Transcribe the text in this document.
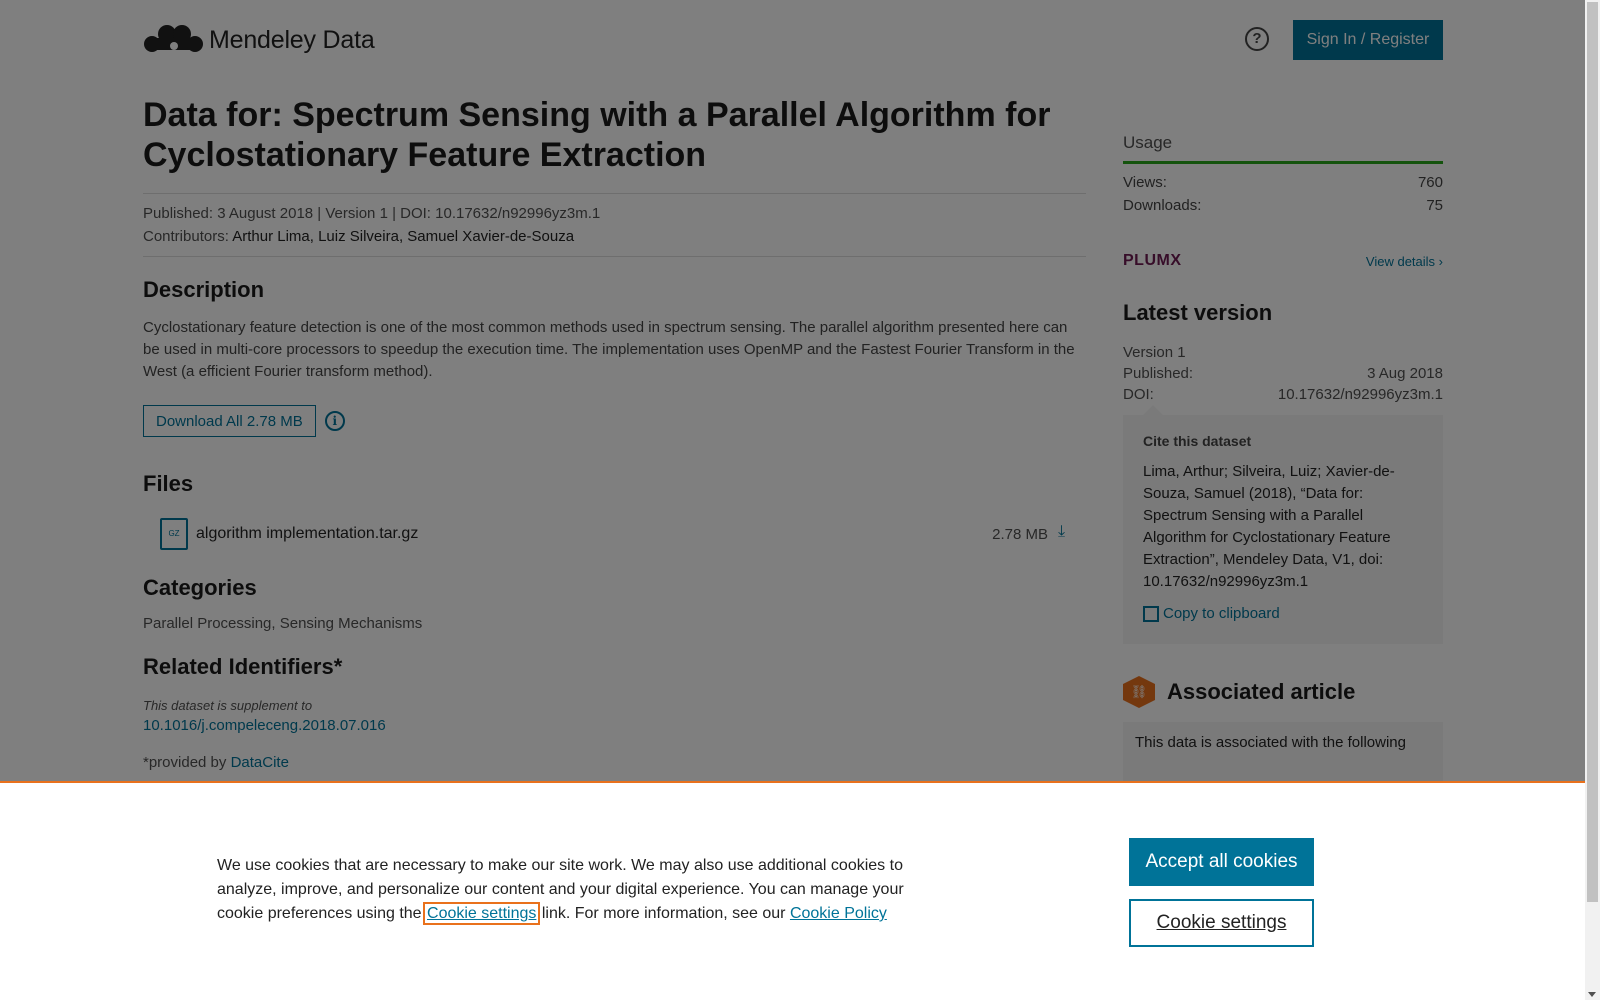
We use cookies that are necessary to make our site work. We may also use additional cookies to analyze, improve, and personalize our content and your digital experience. You can manage your cookie preferences using the Cookie settings link. For more information, see our Cookie Policy
Accept all cookies
Cookie settings
